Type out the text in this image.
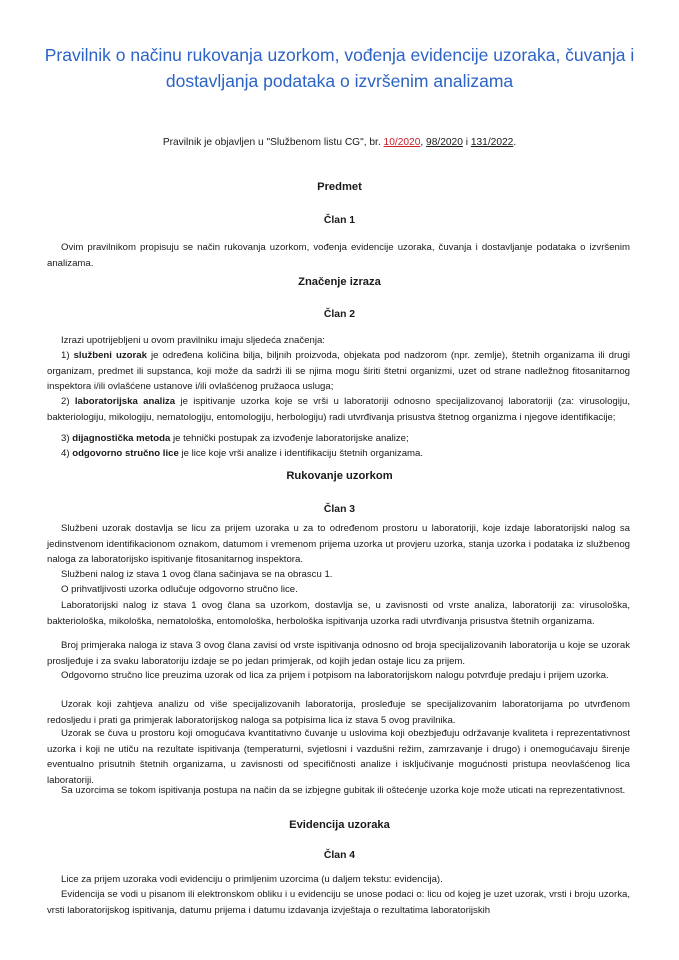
Pravilnik o načinu rukovanja uzorkom, vođenja evidencije uzoraka, čuvanja i dostavljanja podataka o izvršenim analizama
Pravilnik je objavljen u "Službenom listu CG", br. 10/2020, 98/2020 i 131/2022.
Predmet
Član 1

Ovim pravilnikom propisuju se način rukovanja uzorkom, vođenja evidencije uzoraka, čuvanja i dostavljanje podataka o izvršenim analizama.

Značenje izraza
Član 2

Izrazi upotrijebljeni u ovom pravilniku imaju sljedeća značenja:

1) službeni uzorak je određena količina bilja, biljnih proizvoda, objekata pod nadzorom (npr. zemlje), štetnih organizama ili drugi organizam, predmet ili supstanca, koji može da sadrži ili se njima mogu širiti štetni organizmi, uzet od strane nadležnog fitosanitarnog inspektora i/ili ovlašćene ustanove i/ili ovlašćenog pružaoca usluga;

2) laboratorijska analiza je ispitivanje uzorka koje se vrši u laboratoriji odnosno specijalizovanoj laboratoriji (za: virusologiju, bakteriologiju, mikologiju, nematologiju, entomologiju, herbologiju) radi utvrđivanja prisustva štetnog organizma i njegove identifikacije;

3) dijagnostička metoda je tehnički postupak za izvođenje laboratorijske analize;

4) odgovorno stručno lice je lice koje vrši analize i identifikaciju štetnih organizama.

Rukovanje uzorkom
Član 3

Službeni uzorak dostavlja se licu za prijem uzoraka u za to određenom prostoru u laboratoriji, koje izdaje laboratorijski nalog sa jedinstvenom identifikacionom oznakom, datumom i vremenom prijema uzorka ut provjeru uzorka, stanja uzorka i podataka iz službenog naloga za laboratorijsko ispitivanje fitosanitarnog inspektora.

Službeni nalog iz stava 1 ovog člana sačinjava se na obrascu 1.

O prihvatljivosti uzorka odlučuje odgovorno stručno lice.

Laboratorijski nalog iz stava 1 ovog člana sa uzorkom, dostavlja se, u zavisnosti od vrste analiza, laboratoriji za: virusološka, bakteriološka, mikološka, nematološka, entomološka, herbološka ispitivanja uzorka radi utvrđivanja prisustva štetnih organizama.

Broj primjeraka naloga iz stava 3 ovog člana zavisi od vrste ispitivanja odnosno od broja specijalizovanih laboratorija u koje se uzorak prosljeđuje i za svaku laboratoriju izdaje se po jedan primjerak, od kojih jedan ostaje licu za prijem.

Odgovorno stručno lice preuzima uzorak od lica za prijem i potpisom na laboratorijskom nalogu potvrđuje predaju i prijem uzorka.

Uzorak koji zahtjeva analizu od više specijalizovanih laboratorija, prosleđuje se specijalizovanim laboratorijama po utvrđenom redosljedu i prati ga primjerak laboratorijskog naloga sa potpisima lica iz stava 5 ovog pravilnika.

Uzorak se čuva u prostoru koji omogućava kvantitativno čuvanje u uslovima koji obezbjeđuju održavanje kvaliteta i reprezentativnost uzorka i koji ne utiču na rezultate ispitivanja (temperaturni, svjetlosni i vazdušni režim, zamrzavanje i drugo) i onemogućavaju širenje eventualno prisutnih štetnih organizama, u zavisnosti od specifičnosti analize i isključivanje mogućnosti pristupa neovlašćenog lica laboratoriji.

Sa uzorcima se tokom ispitivanja postupa na način da se izbjegne gubitak ili oštećenje uzorka koje može uticati na reprezentativnost.

Evidencija uzoraka
Član 4

Lice za prijem uzoraka vodi evidenciju o primljenim uzorcima (u daljem tekstu: evidencija).

Evidencija se vodi u pisanom ili elektronskom obliku i u evidenciju se unose podaci o: licu od kojeg je uzet uzorak, vrsti i broju uzorka, vrsti laboratorijskog ispitivanja, datumu prijema i datumu izdavanja izvještaja o rezultatima laboratorijskih
